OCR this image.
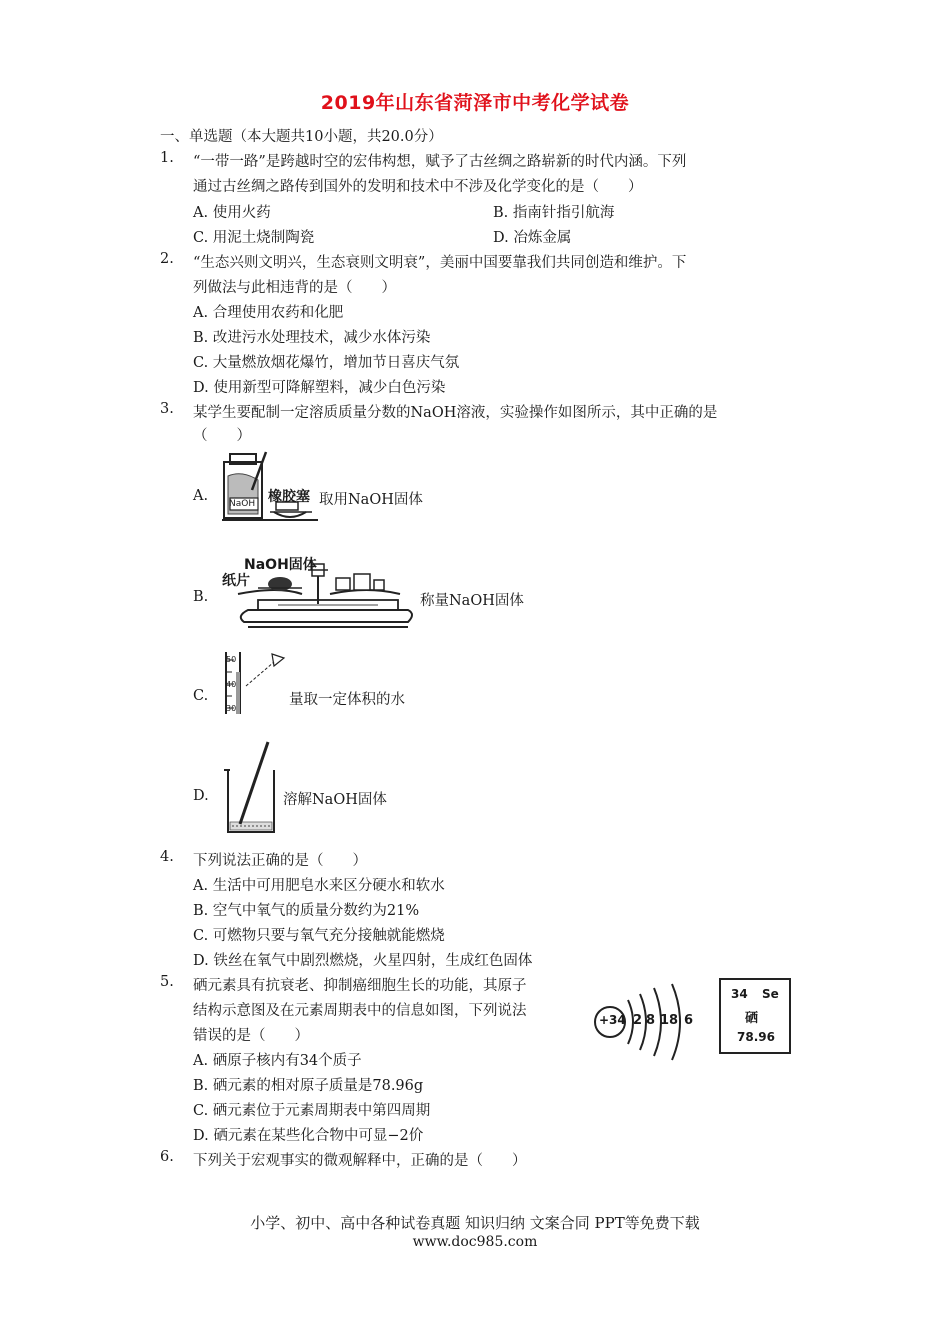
2019年山东省菏泽市中考化学试卷
一、单选题（本大题共10小题，共20.0分）
1. “一带一路”是跨越时空的宏伟构想，赋予了古丝绸之路崭新的时代内涵。下列
通过古丝绸之路传到国外的发明和技术中不涉及化学变化的是（　　）
A. 使用火药	B. 指南针指引航海
C. 用泥土烧制陶瓷	D. 冶炼金属
2. “生态兴则文明兴，生态衰则文明衰”，美丽中国要靠我们共同创造和维护。下
列做法与此相违背的是（　　）
A. 合理使用农药和化肥
B. 改进污水处理技术，减少水体污染
C. 大量燃放烟花爆竹，增加节日喜庆气氛
D. 使用新型可降解塑料，减少白色污染
3. 某学生要配制一定溶质质量分数的NaOH溶液，实验操作如图所示，其中正确的是
（　　）
A. NaOH 橡胶塞 取用NaOH固体
B.
NaOH固体
纸片
称量NaOH固体
C.
50
40
30
量取一定体积的水
D.	溶解NaOH固体
4. 下列说法正确的是（　　）
A. 生活中可用肥皂水来区分硬水和软水
B. 空气中氧气的质量分数约为21%
C. 可燃物只要与氧气充分接触就能燃烧
D. 铁丝在氧气中剧烈燃烧，火星四射，生成红色固体
5. 硒元素具有抗衰老、抑制癌细胞生长的功能，其原子
结构示意图及在元素周期表中的信息如图，下列说法
错误的是（　　）
A. 硒原子核内有34个质子
B. 硒元素的相对原子质量是78.96g
C. 硒元素位于元素周期表中第四周期
D. 硒元素在某些化合物中可显−2价
+34 2 8 18 6
34 Se
硒
78.96
6. 下列关于宏观事实的微观解释中，正确的是（　　）
小学、初中、高中各种试卷真题 知识归纳 文案合同 PPT等免费下载
www.doc985.com
